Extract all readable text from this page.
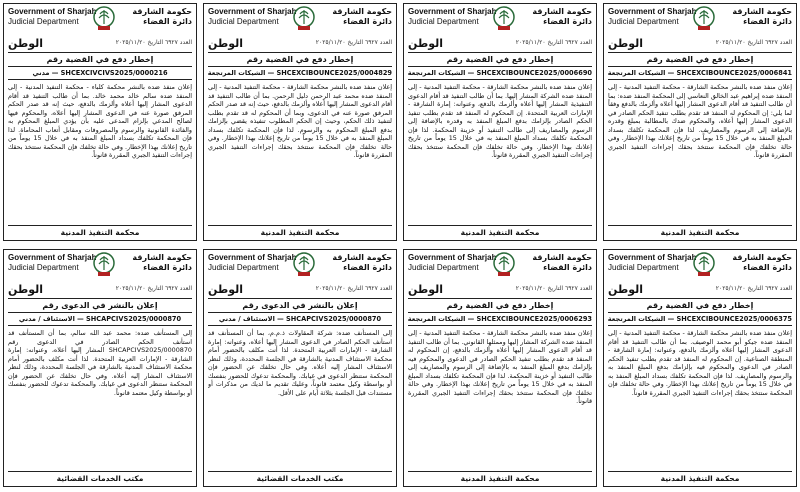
Government of Sharjah
Judicial Department
حكومة الشارقة
دائرة القضاء
الوطن	العدد ٦٩٢٧ التاريخ ٢٠٢٥/١١/٢٠
إخطار دفع في القضية رقم
SHCEXCIBOUNCE2025/0006841 — الشيكات المرتجعة
إعلان منفذ ضده بالنشر محكمة الشارقة - محكمة التنفيذ المدنية - إلى المنفذ ضده إبراهيم عبد الخالق النعاسي إلى المحكمة المنفذ ضده: بما أن طالب التنفيذ قد أقام الدعوى المشار إليها أعلاه وألزمك بالدفع وفقاً لما يلي: إن المحكوم له المنفذ قد تقدم بطلب تنفيذ الحكم الصادر في الدعوى المشار إليها أعلاه، والمحكوم ضدك بالمطالبة بمبلغ وقدره بالإضافة إلى الرسوم والمصاريف. لذا فإن المحكمة تكلفك بسداد المبلغ المنفذ به في خلال 15 يوماً من تاريخ إعلانك بهذا الإخطار. وفي حالة تخلفك فإن المحكمة ستتخذ بحقك إجراءات التنفيذ الجبري المقررة قانوناً.
محكمة التنفيذ المدنية
Government of Sharjah
Judicial Department
حكومة الشارقة
دائرة القضاء
الوطن	العدد ٦٩٢٧ التاريخ ٢٠٢٥/١١/٢٠
إخطار دفع في القضية رقم
SHCEXCIBOUNCE2025/0006690 — الشيكات المرتجعة
إعلان منفذ ضده بالنشر محكمة الشارقة - محكمة التنفيذ المدنية - إلى المنفذ ضده الشركة المشار إليها. بما أن طالب التنفيذ قد أقام الدعوى التنفيذية المشار إليها أعلاه وألزمك بالدفع، وعنوانه: إمارة الشارقة - الإمارات العربية المتحدة. إن المحكوم له المنفذ قد تقدم بطلب تنفيذ الحكم الصادر بإلزامك بدفع المبلغ المنفذ به وقدره بالإضافة إلى الرسوم والمصاريف إلى طالب التنفيذ أو خزينة المحكمة. لذا فإن المحكمة تكلفك بسداد المبلغ المنفذ به في خلال 15 يوماً من تاريخ إعلانك بهذا الإخطار. وفي حالة تخلفك فإن المحكمة ستتخذ بحقك إجراءات التنفيذ الجبري المقررة قانوناً.
محكمة التنفيذ المدنية
Government of Sharjah
Judicial Department
حكومة الشارقة
دائرة القضاء
الوطن	العدد ٦٩٢٧ التاريخ ٢٠٢٥/١١/٢٠
إخطار دفع في القضية رقم
SHCEXCIBOUNCE2025/0004829 — الشيكات المرتجعة
إعلان منفذ ضده بالنشر محكمة الشارقة - محكمة التنفيذ المدنية - إلى المنفذ ضده محمد عبد الرحمن دليل الرحمن. بما أن طالب التنفيذ قد أقام الدعوى المشار إليها أعلاه وألزمك بالدفع، حيث إنه قد صدر الحكم المرفق صورة عنه في الدعوى، وبما أن المحكوم له قد تقدم بطلب لتنفيذ ذلك الحكم، وحيث إن الحكم المطلوب تنفيذه يقضي بإلزامك بدفع المبلغ المحكوم به والرسوم. لذا فإن المحكمة تكلفك بسداد المبلغ المنفذ به في خلال 15 يوماً من تاريخ إعلانك بهذا الإخطار. وفي حالة تخلفك فإن المحكمة ستتخذ بحقك إجراءات التنفيذ الجبري المقررة قانوناً.
محكمة التنفيذ المدنية
Government of Sharjah
Judicial Department
حكومة الشارقة
دائرة القضاء
الوطن	العدد ٦٩٢٧ التاريخ ٢٠٢٥/١١/٢٠
إخطار دفع في القضية رقم
SHCEXCIVCIVS2025/0000216 — مدني
إعلان منفذ ضده بالنشر محكمة كلباء - محكمة التنفيذ المدنية - إلى المنفذ ضده سالم خالد محمد خالد. بما أن طالب التنفيذ قد أقام الدعوى المشار إليها أعلاه وألزمك بالدفع، حيث إنه قد صدر الحكم المرفق صورة عنه في الدعوى المشار إليها أعلاه، والمحكوم فيها لصالح المدعي بإلزام المدعى عليه بأن يؤدي المبلغ المحكوم به والفائدة القانونية والرسوم والمصروفات ومقابل أتعاب المحاماة. لذا فإن المحكمة تكلفك بسداد المبلغ المنفذ به في خلال 15 يوماً من تاريخ إعلانك بهذا الإخطار. وفي حالة تخلفك فإن المحكمة ستتخذ بحقك إجراءات التنفيذ الجبري المقررة قانوناً.
محكمة التنفيذ المدنية
Government of Sharjah
Judicial Department
حكومة الشارقة
دائرة القضاء
الوطن	العدد ٦٩٢٧ التاريخ ٢٠٢٥/١١/٢٠
إخطار دفع في القضية رقم
SHCEXCIBOUNCE2025/0006375 — الشيكات المرتجعة
إعلان منفذ ضده بالنشر محكمة الشارقة - محكمة التنفيذ المدنية - إلى المنفذ ضده جيكو أبو محمد الوصيف. بما أن طالب التنفيذ قد أقام الدعوى المشار إليها أعلاه وألزمك بالدفع، وعنوانه: إمارة الشارقة - المنطقة الصناعية. إن المحكوم له المنفذ قد تقدم بطلب تنفيذ الحكم الصادر في الدعوى والمحكوم فيه بإلزامك بدفع المبلغ المنفذ به والرسوم والمصاريف. لذا فإن المحكمة تكلفك بسداد المبلغ المنفذ به في خلال 15 يوماً من تاريخ إعلانك بهذا الإخطار. وفي حالة تخلفك فإن المحكمة ستتخذ بحقك إجراءات التنفيذ الجبري المقررة قانوناً.
محكمة التنفيذ المدنية
Government of Sharjah
Judicial Department
حكومة الشارقة
دائرة القضاء
الوطن	العدد ٦٩٢٧ التاريخ ٢٠٢٥/١١/٢٠
إخطار دفع في القضية رقم
SHCEXCIBOUNCE2025/0006293 — الشيكات المرتجعة
إعلان منفذ ضده بالنشر محكمة الشارقة - محكمة التنفيذ المدنية - إلى المنفذ ضده الشركة المشار إليها وممثلها القانوني. بما أن طالب التنفيذ قد أقام الدعوى المشار إليها أعلاه وألزمك بالدفع، إن المحكوم له المنفذ قد تقدم بطلب تنفيذ الحكم الصادر في الدعوى والمحكوم فيه بإلزامك بدفع المبلغ المنفذ به بالإضافة إلى الرسوم والمصاريف إلى طالب التنفيذ أو خزينة المحكمة. لذا فإن المحكمة تكلفك بسداد المبلغ المنفذ به في خلال 15 يوماً من تاريخ إعلانك بهذا الإخطار. وفي حالة تخلفك فإن المحكمة ستتخذ بحقك إجراءات التنفيذ الجبري المقررة قانوناً.
محكمة التنفيذ المدنية
Government of Sharjah
Judicial Department
حكومة الشارقة
دائرة القضاء
الوطن	العدد ٦٩٢٧ التاريخ ٢٠٢٥/١١/٢٠
إعلان بالنشر في الدعوى رقم
SHCAPCIVS2025/0000870 — الاستئناف / مدني
إلى المستأنف ضده: شركة المقاولات ذ.م.م، بما أن المستأنف قد استأنف الحكم الصادر في الدعوى المشار إليها أعلاه، وعنوانه: إمارة الشارقة - الإمارات العربية المتحدة. لذا أنت مكلف بالحضور أمام محكمة الاستئناف المدنية بالشارقة في الجلسة المحددة، وذلك لنظر الاستئناف المشار إليه أعلاه. وفي حال تخلفك عن الحضور فإن المحكمة ستنظر الدعوى في غيابك. والمحكمة تدعوك للحضور بنفسك أو بواسطة وكيل معتمد قانوناً، وعليك تقديم ما لديك من مذكرات أو مستندات قبل الجلسة بثلاثة أيام على الأقل.
مكتب الخدمات القضائية
Government of Sharjah
Judicial Department
حكومة الشارقة
دائرة القضاء
الوطن	العدد ٦٩٢٧ التاريخ ٢٠٢٥/١١/٢٠
إعلان بالنشر في الدعوى رقم
SHCAPCIVS2025/0000870 — الاستئناف / مدني
إلى المستأنف ضده: محمد عبد الله سالم، بما أن المستأنف قد استأنف الحكم الصادر في الدعوى رقم SHCAPCIVS2025/0000870 المشار إليها أعلاه، وعنوانه: إمارة الشارقة - الإمارات العربية المتحدة. لذا أنت مكلف بالحضور أمام محكمة الاستئناف المدنية بالشارقة في الجلسة المحددة، وذلك لنظر الاستئناف المشار إليه أعلاه. وفي حال تخلفك عن الحضور فإن المحكمة ستنظر الدعوى في غيابك. والمحكمة تدعوك للحضور بنفسك أو بواسطة وكيل معتمد قانوناً.
مكتب الخدمات القضائية
